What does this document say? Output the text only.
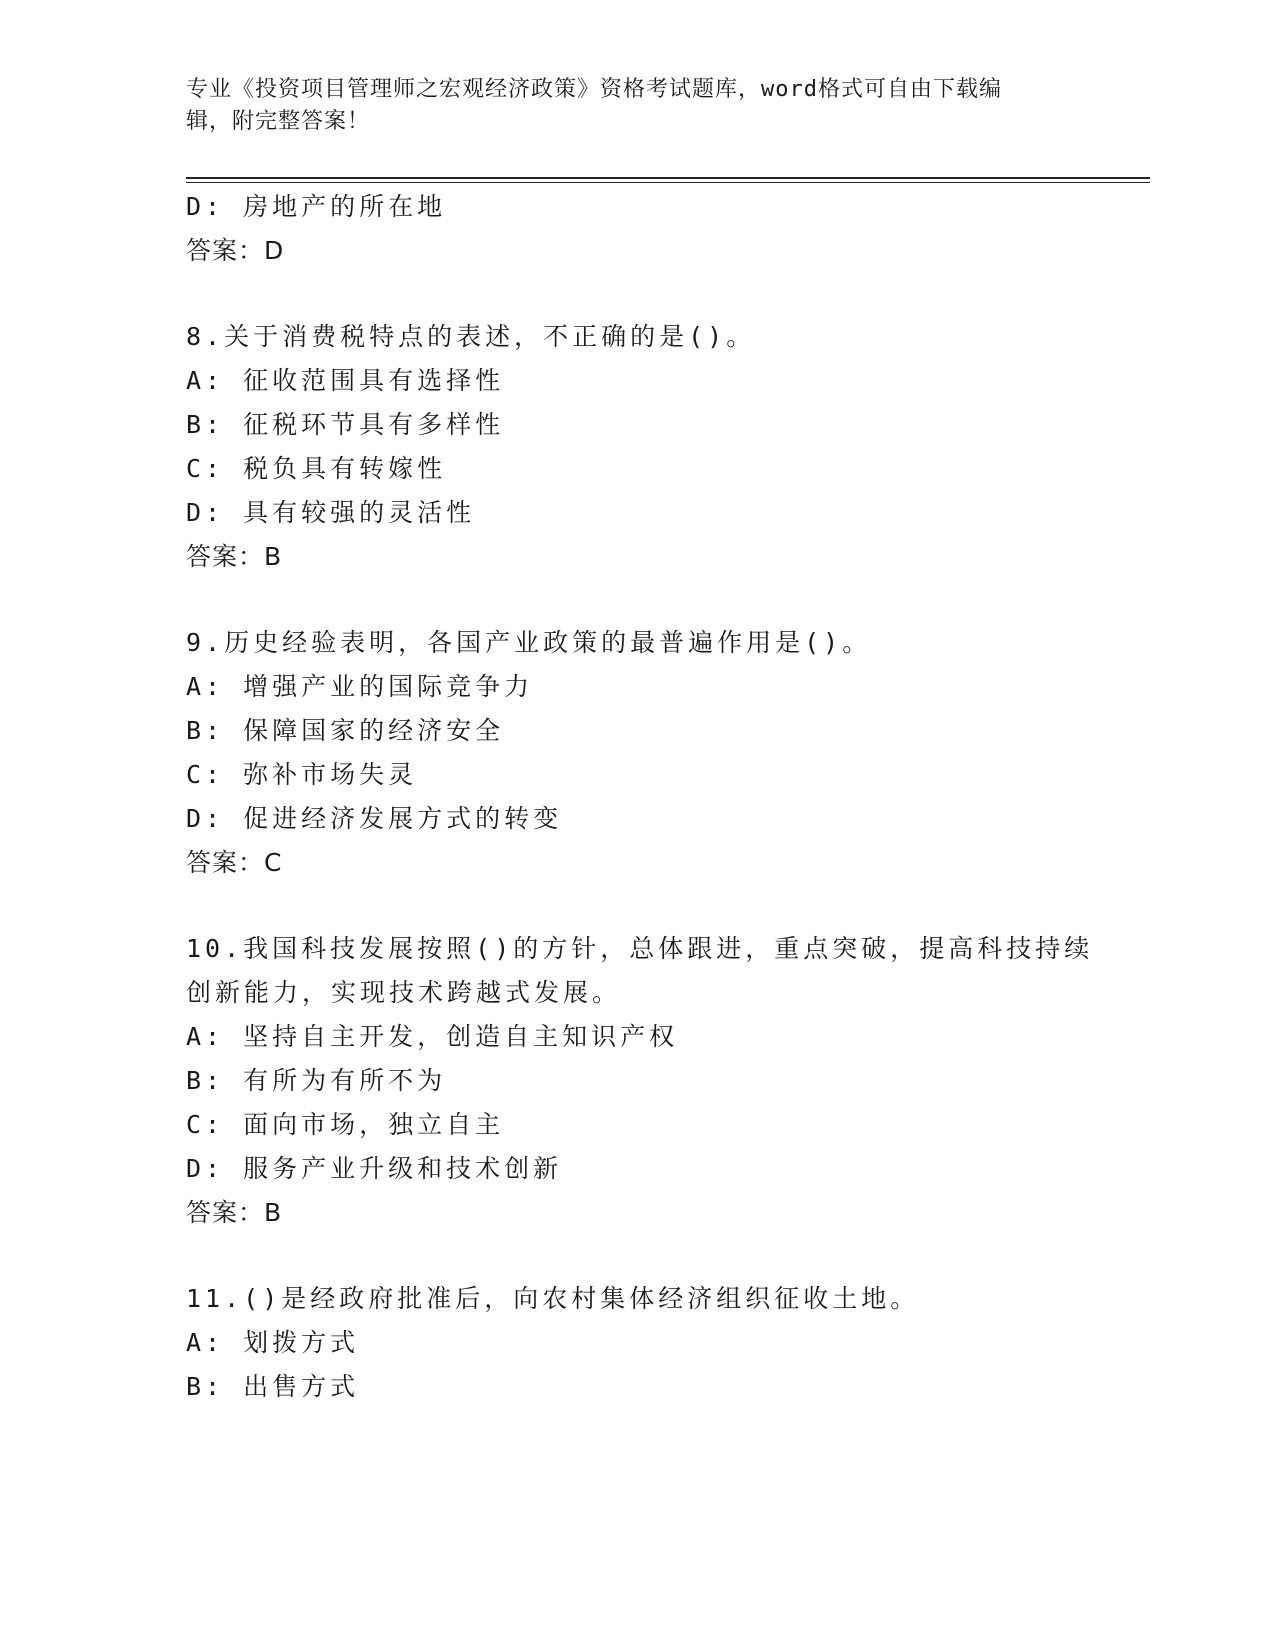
专业《投资项目管理师之宏观经济政策》资格考试题库，word格式可自由下载编
辑，附完整答案！
D: 房地产的所在地
答案：D
8.关于消费税特点的表述，不正确的是()。
A: 征收范围具有选择性
B: 征税环节具有多样性
C: 税负具有转嫁性
D: 具有较强的灵活性
答案：B
9.历史经验表明，各国产业政策的最普遍作用是()。
A: 增强产业的国际竞争力
B: 保障国家的经济安全
C: 弥补市场失灵
D: 促进经济发展方式的转变
答案：C
10.我国科技发展按照()的方针，总体跟进，重点突破，提高科技持续
创新能力，实现技术跨越式发展。
A: 坚持自主开发，创造自主知识产权
B: 有所为有所不为
C: 面向市场，独立自主
D: 服务产业升级和技术创新
答案：B
11.()是经政府批准后，向农村集体经济组织征收土地。
A: 划拨方式
B: 出售方式
